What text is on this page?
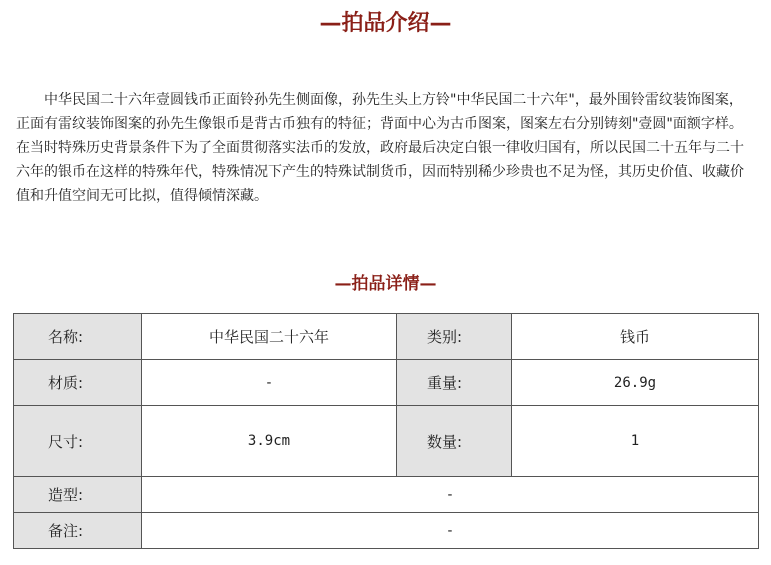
—拍品介绍—

中华民国二十六年壹圆钱币正面铃孙先生侧面像，孙先生头上方铃"中华民国二十六年"，最外围铃雷纹装饰图案，正面有雷纹装饰图案的孙先生像银币是背古币独有的特征；背面中心为古币图案，图案左右分别铸刻"壹圆"面额字样。在当时特殊历史背景条件下为了全面贯彻落实法币的发放，政府最后决定白银一律收归国有，所以民国二十五年与二十六年的银币在这样的特殊年代，特殊情况下产生的特殊试制货币，因而特别稀少珍贵也不足为怪，其历史价值、收藏价值和升值空间无可比拟，值得倾情深藏。

—拍品详情—
名称:	中华民国二十六年	类别:	钱币
材质:	-	重量:	26.9g
尺寸:	3.9cm	数量:	1
造型:	-		
备注:	-		
